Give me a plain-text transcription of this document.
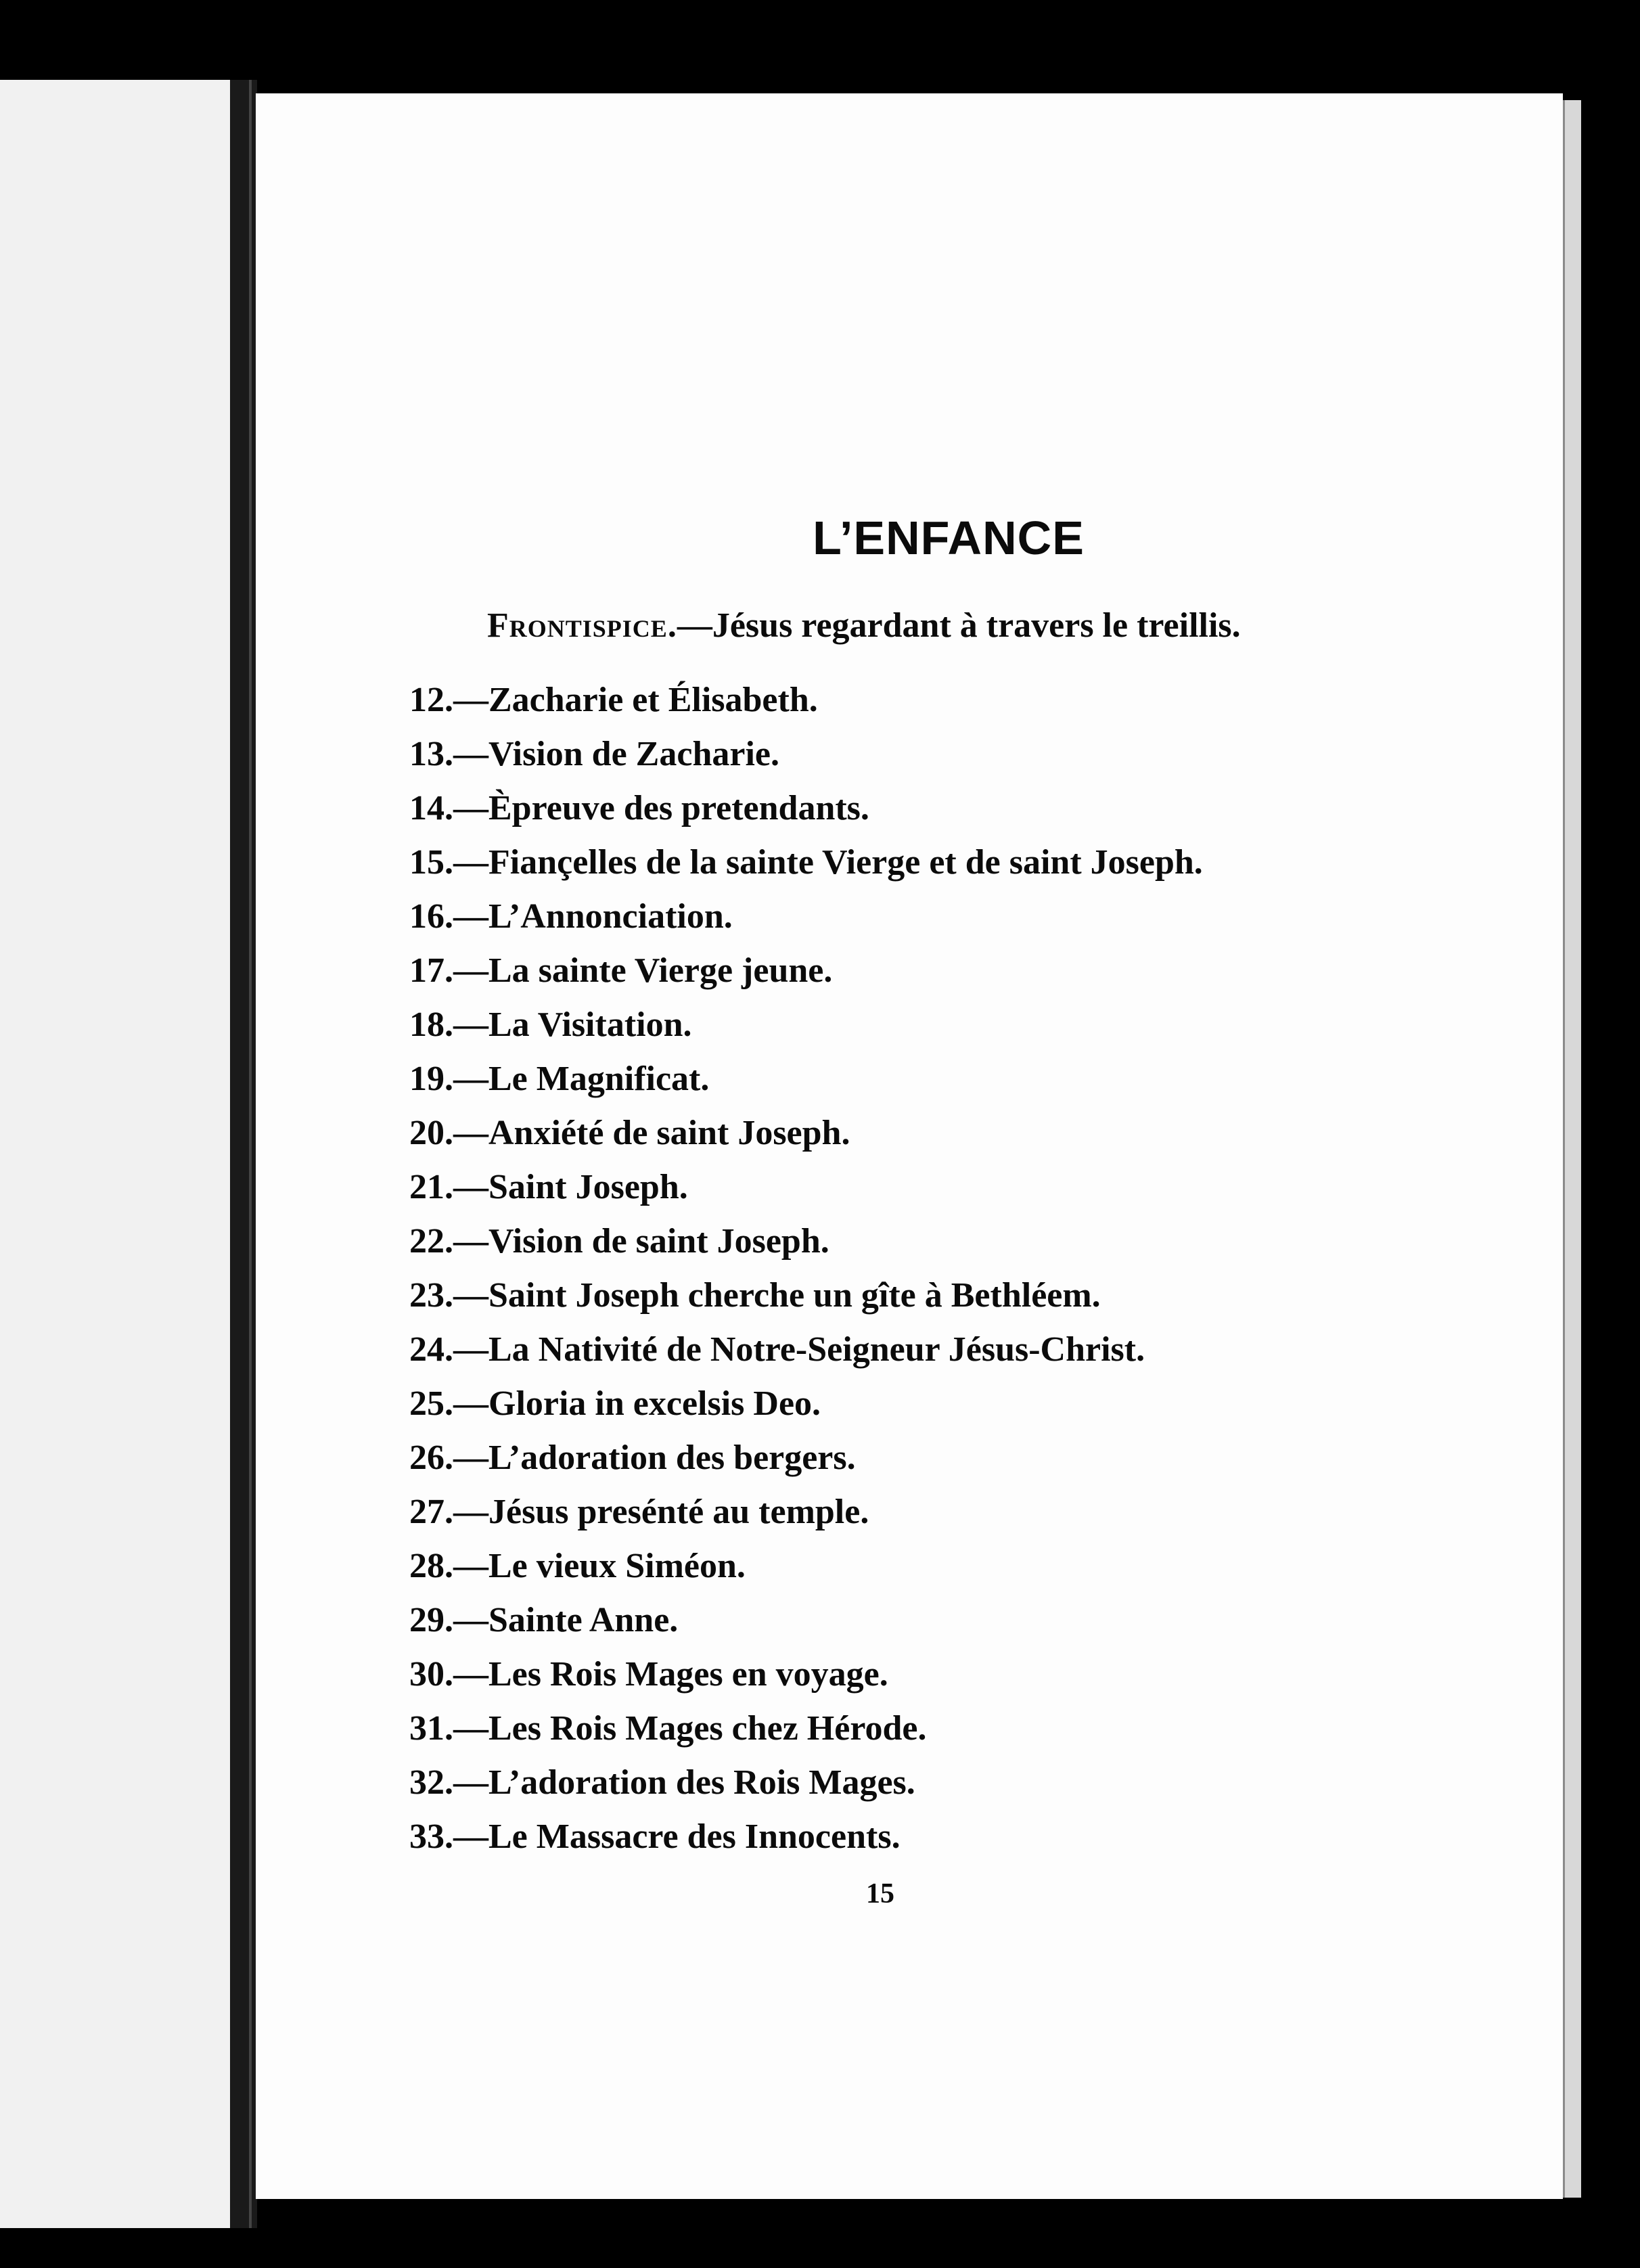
L’ENFANCE
Frontispice.—Jésus regardant à travers le treillis.
12.—Zacharie et Élisabeth.
13.—Vision de Zacharie.
14.—Èpreuve des pretendants.
15.—Fiançelles de la sainte Vierge et de saint Joseph.
16.—L’Annonciation.
17.—La sainte Vierge jeune.
18.—La Visitation.
19.—Le Magnificat.
20.—Anxiété de saint Joseph.
21.—Saint Joseph.
22.—Vision de saint Joseph.
23.—Saint Joseph cherche un gîte à Bethléem.
24.—La Nativité de Notre-Seigneur Jésus-Christ.
25.—Gloria in excelsis Deo.
26.—L’adoration des bergers.
27.—Jésus presénté au temple.
28.—Le vieux Siméon.
29.—Sainte Anne.
30.—Les Rois Mages en voyage.
31.—Les Rois Mages chez Hérode.
32.—L’adoration des Rois Mages.
33.—Le Massacre des Innocents.
15
